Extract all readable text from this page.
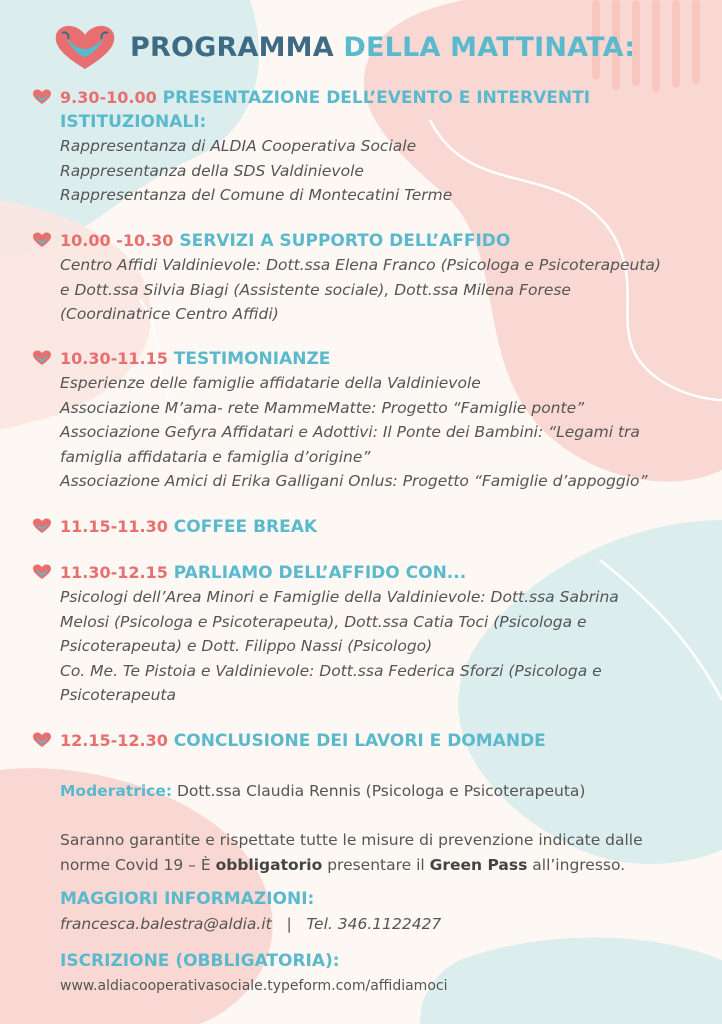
PROGRAMMA DELLA MATTINATA:
9.30-10.00 PRESENTAZIONE DELL’EVENTO E INTERVENTI
ISTITUZIONALI:
Rappresentanza di ALDIA Cooperativa Sociale
Rappresentanza della SDS Valdinievole
Rappresentanza del Comune di Montecatini Terme
10.00 -10.30 SERVIZI A SUPPORTO DELL’AFFIDO
Centro Affidi Valdinievole: Dott.ssa Elena Franco (Psicologa e Psicoterapeuta)
e Dott.ssa Silvia Biagi (Assistente sociale), Dott.ssa Milena Forese
(Coordinatrice Centro Affidi)
10.30-11.15 TESTIMONIANZE
Esperienze delle famiglie affidatarie della Valdinievole
Associazione M’ama- rete MammeMatte: Progetto “Famiglie ponte”
Associazione Gefyra Affidatari e Adottivi: Il Ponte dei Bambini: “Legami tra
famiglia affidataria e famiglia d’origine”
Associazione Amici di Erika Galligani Onlus: Progetto “Famiglie d’appoggio”
11.15-11.30 COFFEE BREAK
11.30-12.15 PARLIAMO DELL’AFFIDO CON...
Psicologi dell’Area Minori e Famiglie della Valdinievole: Dott.ssa Sabrina
Melosi (Psicologa e Psicoterapeuta), Dott.ssa Catia Toci (Psicologa e
Psicoterapeuta) e Dott. Filippo Nassi (Psicologo)
Co. Me. Te Pistoia e Valdinievole: Dott.ssa Federica Sforzi (Psicologa e
Psicoterapeuta
12.15-12.30 CONCLUSIONE DEI LAVORI E DOMANDE
Moderatrice: Dott.ssa Claudia Rennis (Psicologa e Psicoterapeuta)
Saranno garantite e rispettate tutte le misure di prevenzione indicate dalle
norme Covid 19 – È obbligatorio presentare il Green Pass all’ingresso.
MAGGIORI INFORMAZIONI:
francesca.balestra@aldia.it | Tel. 346.1122427
ISCRIZIONE (OBBLIGATORIA):
www.aldiacooperativasociale.typeform.com/affidiamoci
